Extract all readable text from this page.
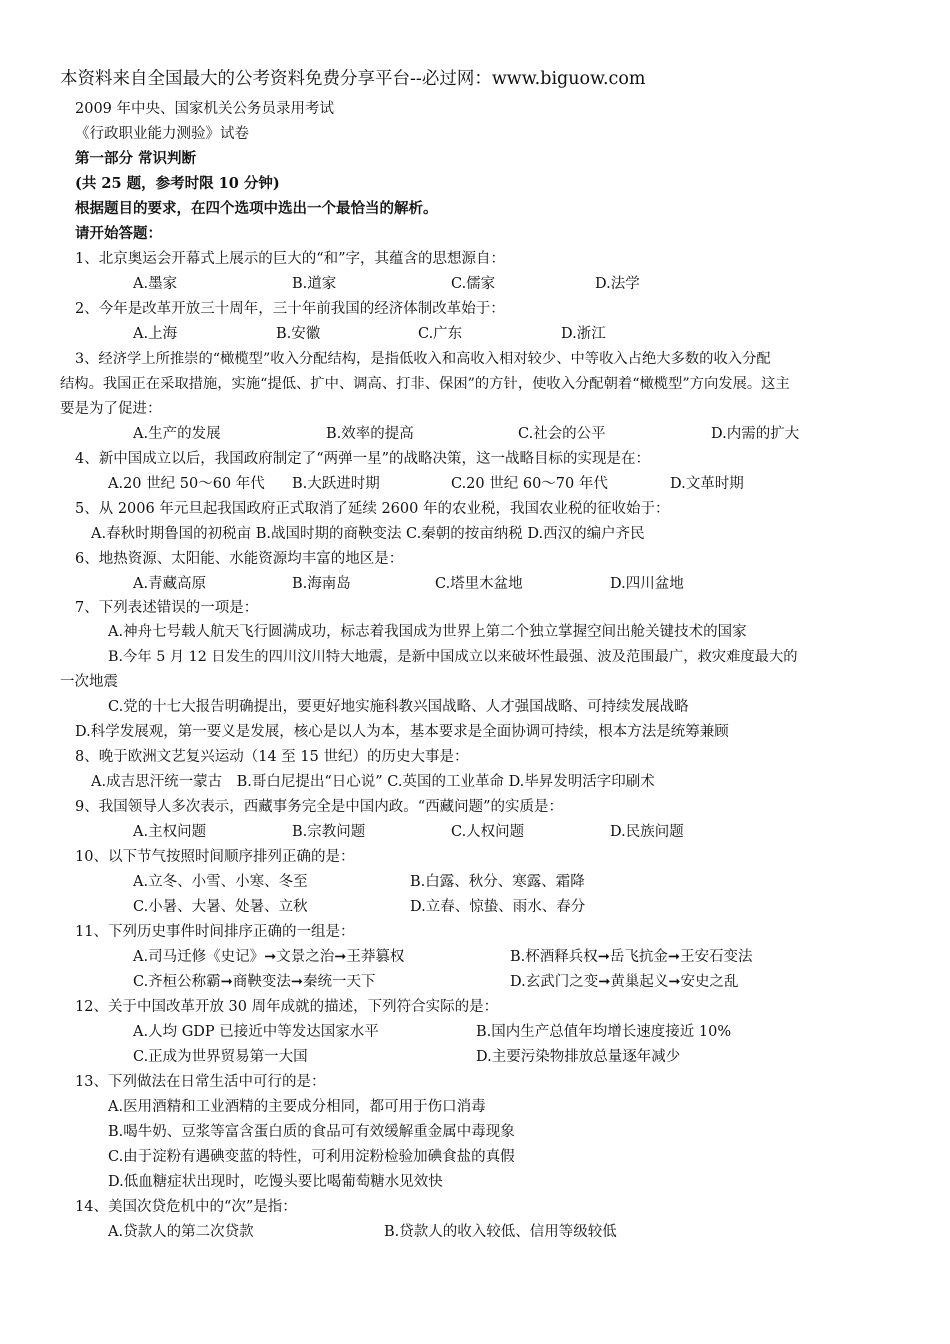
本资料来自全国最大的公考资料免费分享平台--必过网：www.biguow.com
2009 年中央、国家机关公务员录用考试
《行政职业能力测验》试卷
第一部分 常识判断
(共 25 题，参考时限 10 分钟)
根据题目的要求，在四个选项中选出一个最恰当的解析。
请开始答题：
1、北京奥运会开幕式上展示的巨大的“和”字，其蕴含的思想源自：
A.墨家	B.道家	C.儒家	D.法学
2、今年是改革开放三十周年，三十年前我国的经济体制改革始于：
A.上海	B.安徽	C.广东	D.浙江
3、经济学上所推崇的“橄榄型”收入分配结构，是指低收入和高收入相对较少、中等收入占绝大多数的收入分配
结构。我国正在采取措施，实施“提低、扩中、调高、打非、保困”的方针，使收入分配朝着“橄榄型”方向发展。这主
要是为了促进：
A.生产的发展	B.效率的提高	C.社会的公平	D.内需的扩大
4、新中国成立以后，我国政府制定了“两弹一星”的战略决策，这一战略目标的实现是在：
A.20 世纪 50～60 年代 B.大跃进时期	C.20 世纪 60～70 年代	D.文革时期
5、从 2006 年元旦起我国政府正式取消了延续 2600 年的农业税，我国农业税的征收始于：
A.春秋时期鲁国的初税亩 B.战国时期的商鞅变法 C.秦朝的按亩纳税 D.西汉的编户齐民
6、地热资源、太阳能、水能资源均丰富的地区是：
A.青藏高原	B.海南岛	C.塔里木盆地	D.四川盆地
7、下列表述错误的一项是：
A.神舟七号载人航天飞行圆满成功，标志着我国成为世界上第二个独立掌握空间出舱关键技术的国家
B.今年 5 月 12 日发生的四川汶川特大地震，是新中国成立以来破坏性最强、波及范围最广，救灾难度最大的
一次地震
C.党的十七大报告明确提出，要更好地实施科教兴国战略、人才强国战略、可持续发展战略
D.科学发展观，第一要义是发展，核心是以人为本，基本要求是全面协调可持续，根本方法是统筹兼顾
8、晚于欧洲文艺复兴运动（14 至 15 世纪）的历史大事是：
A.成吉思汗统一蒙古　B.哥白尼提出“日心说” C.英国的工业革命 D.毕昇发明活字印刷术
9、我国领导人多次表示，西藏事务完全是中国内政。“西藏问题”的实质是：
A.主权问题	B.宗教问题	C.人权问题	D.民族问题
10、以下节气按照时间顺序排列正确的是：
A.立冬、小雪、小寒、冬至	B.白露、秋分、寒露、霜降
C.小暑、大暑、处暑、立秋	D.立春、惊蛰、雨水、春分
11、下列历史事件时间排序正确的一组是：
A.司马迁修《史记》➞文景之治➞王莽篡权	B.杯酒释兵权➞岳飞抗金➞王安石变法
C.齐桓公称霸➞商鞅变法➞秦统一天下	D.玄武门之变➞黄巢起义➞安史之乱
12、关于中国改革开放 30 周年成就的描述，下列符合实际的是：
A.人均 GDP 已接近中等发达国家水平	B.国内生产总值年均增长速度接近 10%
C.正成为世界贸易第一大国	D.主要污染物排放总量逐年减少
13、下列做法在日常生活中可行的是：
A.医用酒精和工业酒精的主要成分相同，都可用于伤口消毒
B.喝牛奶、豆浆等富含蛋白质的食品可有效缓解重金属中毒现象
C.由于淀粉有遇碘变蓝的特性，可利用淀粉检验加碘食盐的真假
D.低血糖症状出现时，吃馒头要比喝葡萄糖水见效快
14、美国次贷危机中的“次”是指：
A.贷款人的第二次贷款	B.贷款人的收入较低、信用等级较低
